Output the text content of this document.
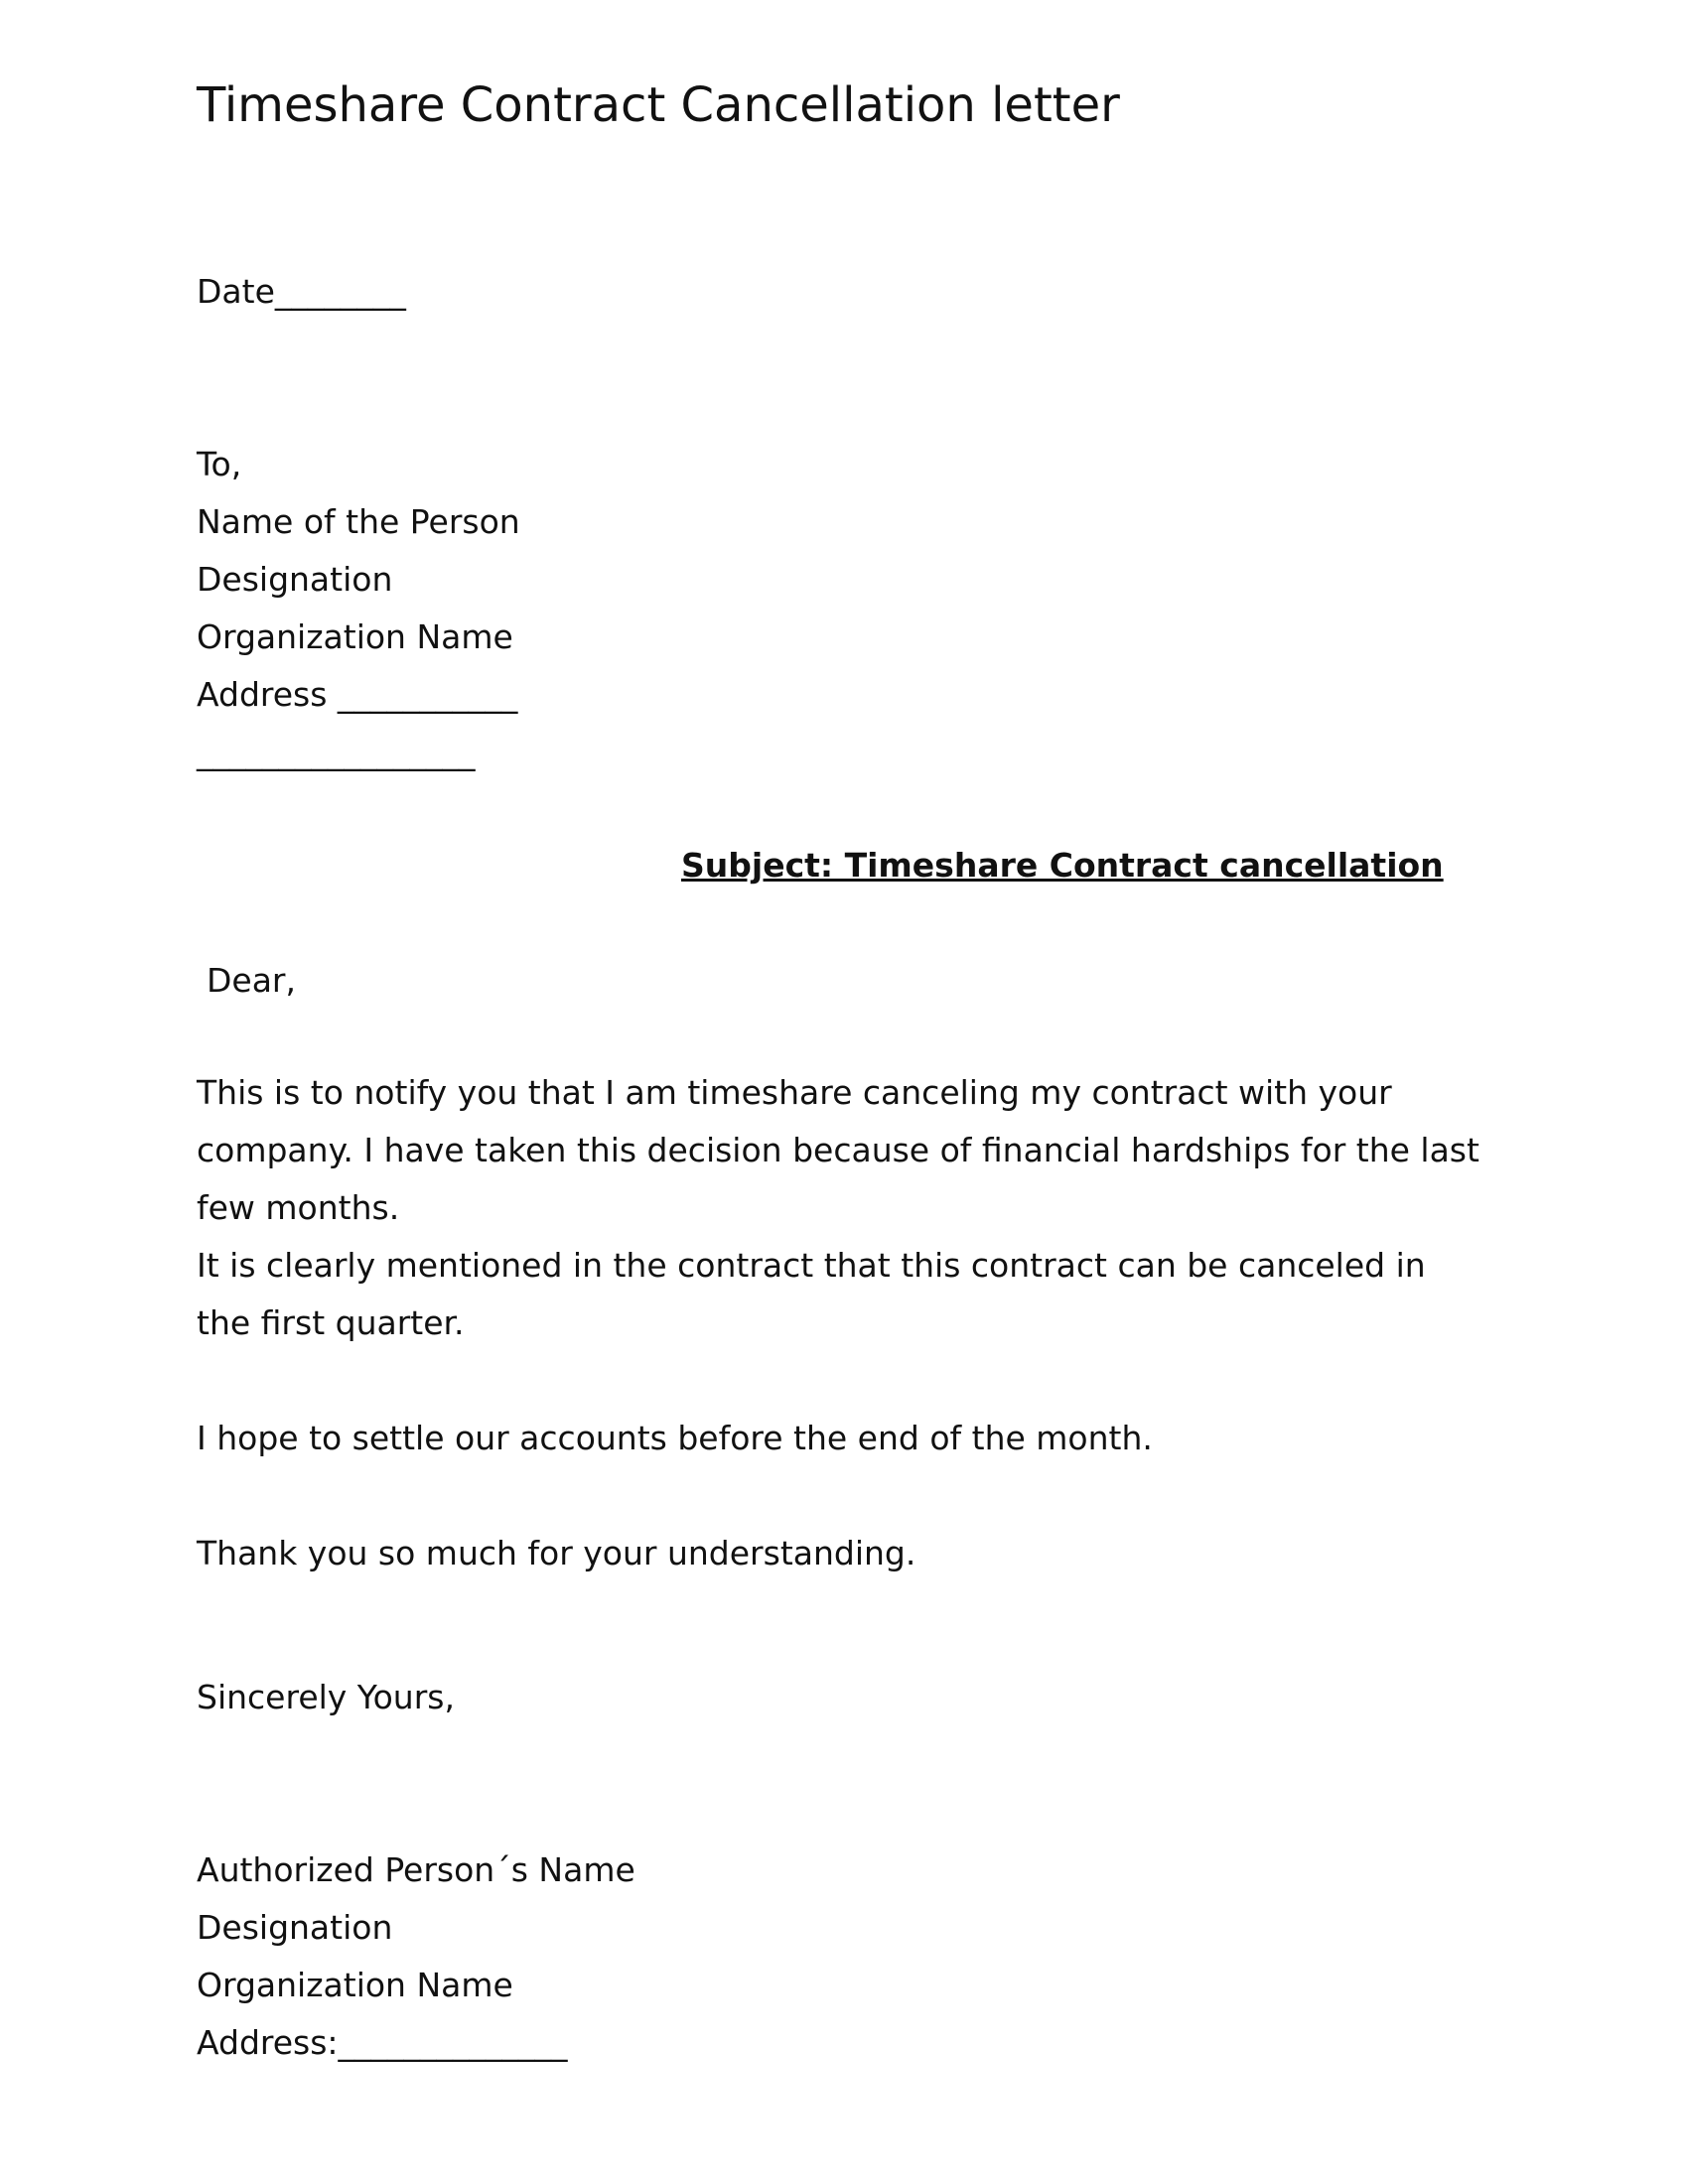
Timeshare Contract Cancellation letter
Date________
To,
Name of the Person
Designation
Organization Name
Address ___________
_________________
Subject: Timeshare Contract cancellation
Dear,
This is to notify you that I am timeshare canceling my contract with your company. I have taken this decision because of financial hardships for the last few months.
It is clearly mentioned in the contract that this contract can be canceled in the first quarter.
I hope to settle our accounts before the end of the month.
Thank you so much for your understanding.
Sincerely Yours,
Authorized Person´s Name
Designation
Organization Name
Address:______________
